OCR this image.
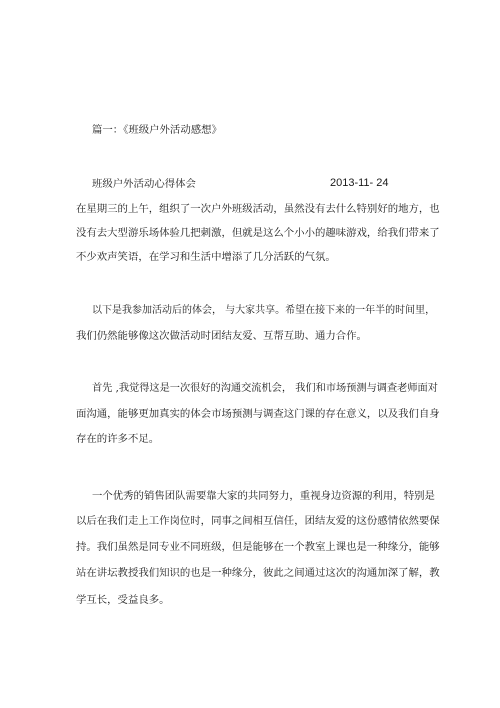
篇一：《班级户外活动感想》

班级户外活动心得体会	2013-11- 24

在星期三的上午，组织了一次户外班级活动，虽然没有去什么特别好的地方，也

没有去大型游乐场体验几把刺激，但就是这么个小小的趣味游戏，给我们带来了

不少欢声笑语，在学习和生活中增添了几分活跃的气氛。

以下是我参加活动后的体会， 与大家共享。希望在接下来的一年半的时间里，

我们仍然能够像这次做活动时团结友爱、互帮互助、通力合作。

首先 ,我觉得这是一次很好的沟通交流机会， 我们和市场预测与调查老师面对

面沟通，能够更加真实的体会市场预测与调查这门课的存在意义，以及我们自身

存在的许多不足。

一个优秀的销售团队需要靠大家的共同努力，重视身边资源的利用，特别是

以后在我们走上工作岗位时，同事之间相互信任，团结友爱的这份感情依然要保

持。我们虽然是同专业不同班级，但是能够在一个教室上课也是一种缘分，能够

站在讲坛教授我们知识的也是一种缘分，彼此之间通过这次的沟通加深了解，教

学互长，受益良多。
